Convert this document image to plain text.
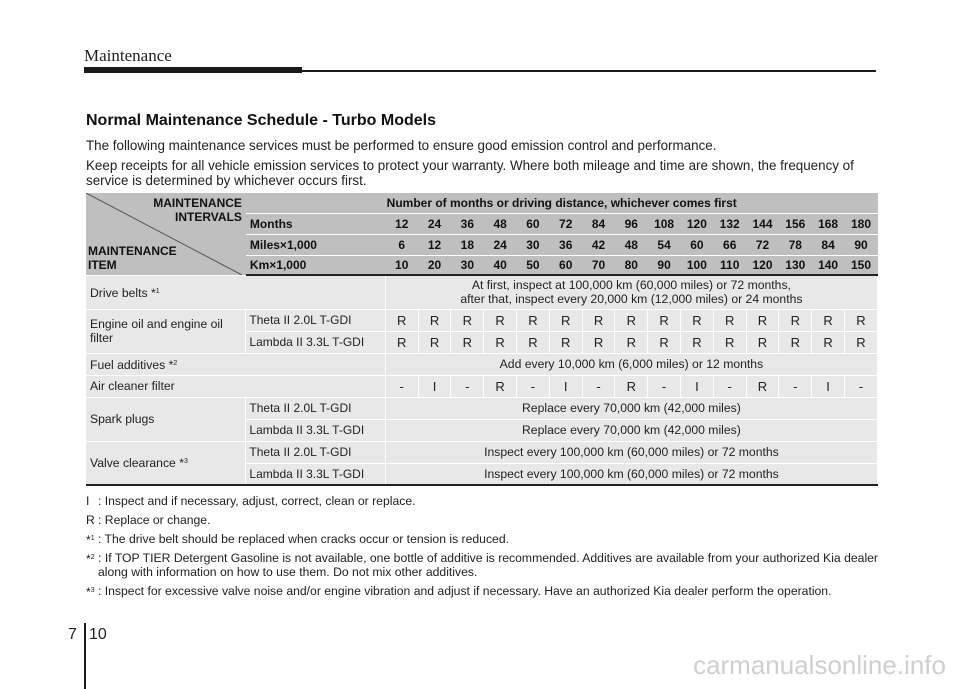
Maintenance
Normal Maintenance Schedule - Turbo Models

The following maintenance services must be performed to ensure good emission control and performance.

Keep receipts for all vehicle emission services to protect your warranty. Where both mileage and time are shown, the frequency of service is determined by whichever occurs first.

MAINTENANCE
INTERVALS
MAINTENANCE
ITEM	Number of months or driving distance, whichever comes first															
	Months	12	24	36	48	60	72	84	96	108	120	132	144	156	168	180
	Miles×1,000	6	12	18	24	30	36	42	48	54	60	66	72	78	84	90
	Km×1,000	10	20	30	40	50	60	70	80	90	100	110	120	130	140	150
Drive belts *$^1$		At first, inspect at 100,000 km (60,000 miles) or 72 months,
after that, inspect every 20,000 km (12,000 miles) or 24 months														

Engine oil and engine oil filter	Theta II 2.0L T-GDI	R	R	R	R	R	R	R	R	R	R	R	R	R	R	R
	Lambda II 3.3L T-GDI	R	R	R	R	R	R	R	R	R	R	R	R	R	R	R
Fuel additives *$^2$		Add every 10,000 km (6,000 miles) or 12 months														
Air cleaner filter		-	I	-	R	-	I	-	R	-	I	-	R	-	I	-
Spark plugs	Theta II 2.0L T-GDI	Replace every 70,000 km (42,000 miles)														
	Lambda II 3.3L T-GDI	Replace every 70,000 km (42,000 miles)														
Valve clearance *$^3$	Theta II 2.0L T-GDI	Inspect every 100,000 km (60,000 miles) or 72 months														
	Lambda II 3.3L T-GDI	Inspect every 100,000 km (60,000 miles) or 72 months														
I : Inspect and if necessary, adjust, correct, clean or replace.
R : Replace or change.
*$^1$ : The drive belt should be replaced when cracks occur or tension is reduced.
*$^2$ : If TOP TIER Detergent Gasoline is not available, one bottle of additive is recommended. Additives are available from your authorized Kia dealer along with information on how to use them. Do not mix other additives.
*$^3$ : Inspect for excessive valve noise and/or engine vibration and adjust if necessary. Have an authorized Kia dealer perform the operation.
7 10
carmanualsonline.info
